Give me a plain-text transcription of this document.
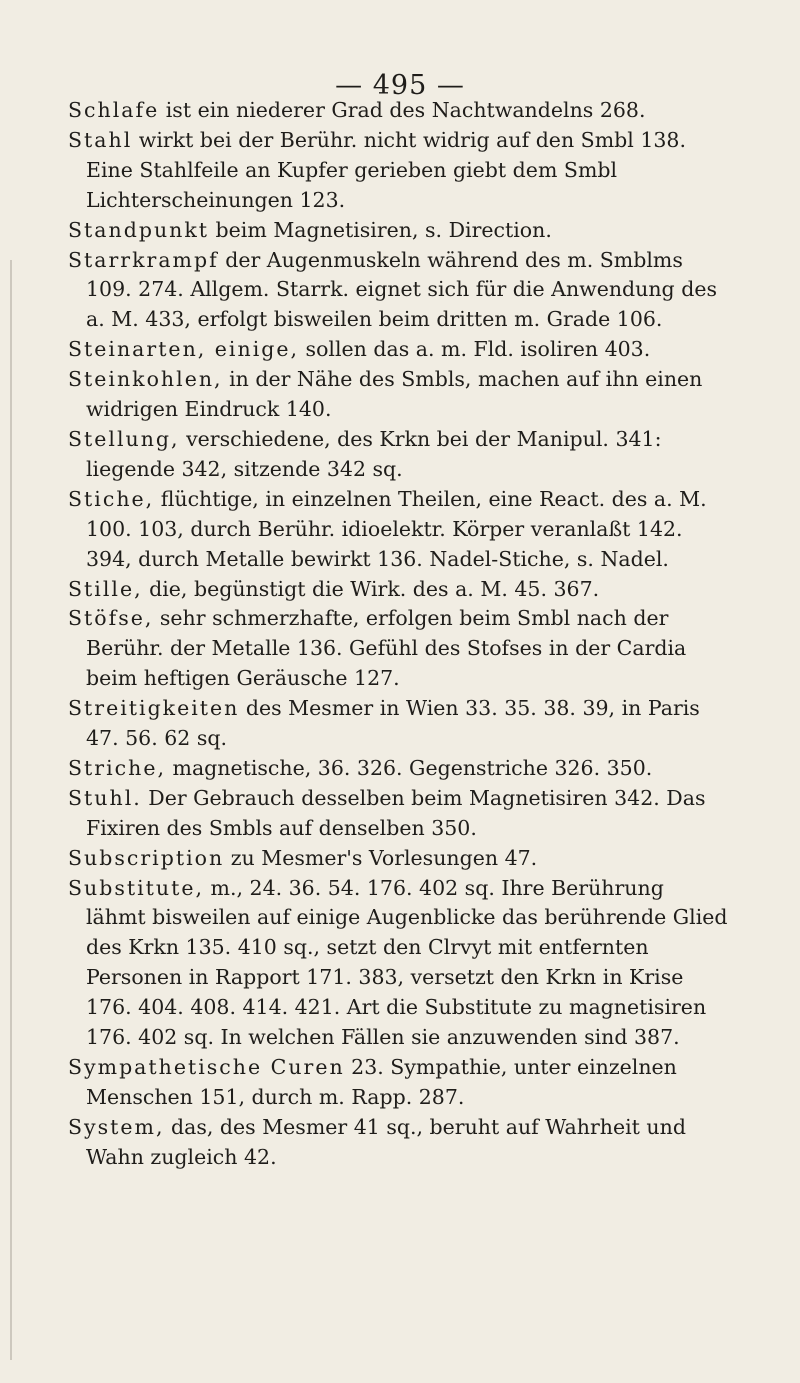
— 495 —

Schlafe ist ein niederer Grad des Nachtwandelns 268.

Stahl wirkt bei der Berühr. nicht widrig auf den Smbl 138. Eine Stahlfeile an Kupfer gerieben giebt dem Smbl Lichterscheinungen 123.

Standpunkt beim Magnetisiren, s. Direction.

Starrkrampf der Augenmuskeln während des m. Smblms 109. 274. Allgem. Starrk. eignet sich für die Anwendung des a. M. 433, erfolgt bisweilen beim dritten m. Grade 106.

Steinarten, einige, sollen das a. m. Fld. isoliren 403.

Steinkohlen, in der Nähe des Smbls, machen auf ihn einen widrigen Eindruck 140.

Stellung, verschiedene, des Krkn bei der Manipul. 341: liegende 342, sitzende 342 sq.

Stiche, flüchtige, in einzelnen Theilen, eine React. des a. M. 100. 103, durch Berühr. idioelektr. Körper veranlaßt 142. 394, durch Metalle bewirkt 136. Nadel-Stiche, s. Nadel.

Stille, die, begünstigt die Wirk. des a. M. 45. 367.

Stöfse, sehr schmerzhafte, erfolgen beim Smbl nach der Berühr. der Metalle 136. Gefühl des Stofses in der Cardia beim heftigen Geräusche 127.

Streitigkeiten des Mesmer in Wien 33. 35. 38. 39, in Paris 47. 56. 62 sq.

Striche, magnetische, 36. 326. Gegenstriche 326. 350.

Stuhl. Der Gebrauch desselben beim Magnetisiren 342. Das Fixiren des Smbls auf denselben 350.

Subscription zu Mesmer's Vorlesungen 47.

Substitute, m., 24. 36. 54. 176. 402 sq. Ihre Berührung lähmt bisweilen auf einige Augenblicke das berührende Glied des Krkn 135. 410 sq., setzt den Clrvyt mit entfernten Personen in Rapport 171. 383, versetzt den Krkn in Krise 176. 404. 408. 414. 421. Art die Substitute zu magnetisiren 176. 402 sq. In welchen Fällen sie anzuwenden sind 387.

Sympathetische Curen 23. Sympathie, unter einzelnen Menschen 151, durch m. Rapp. 287.

System, das, des Mesmer 41 sq., beruht auf Wahrheit und Wahn zugleich 42.
